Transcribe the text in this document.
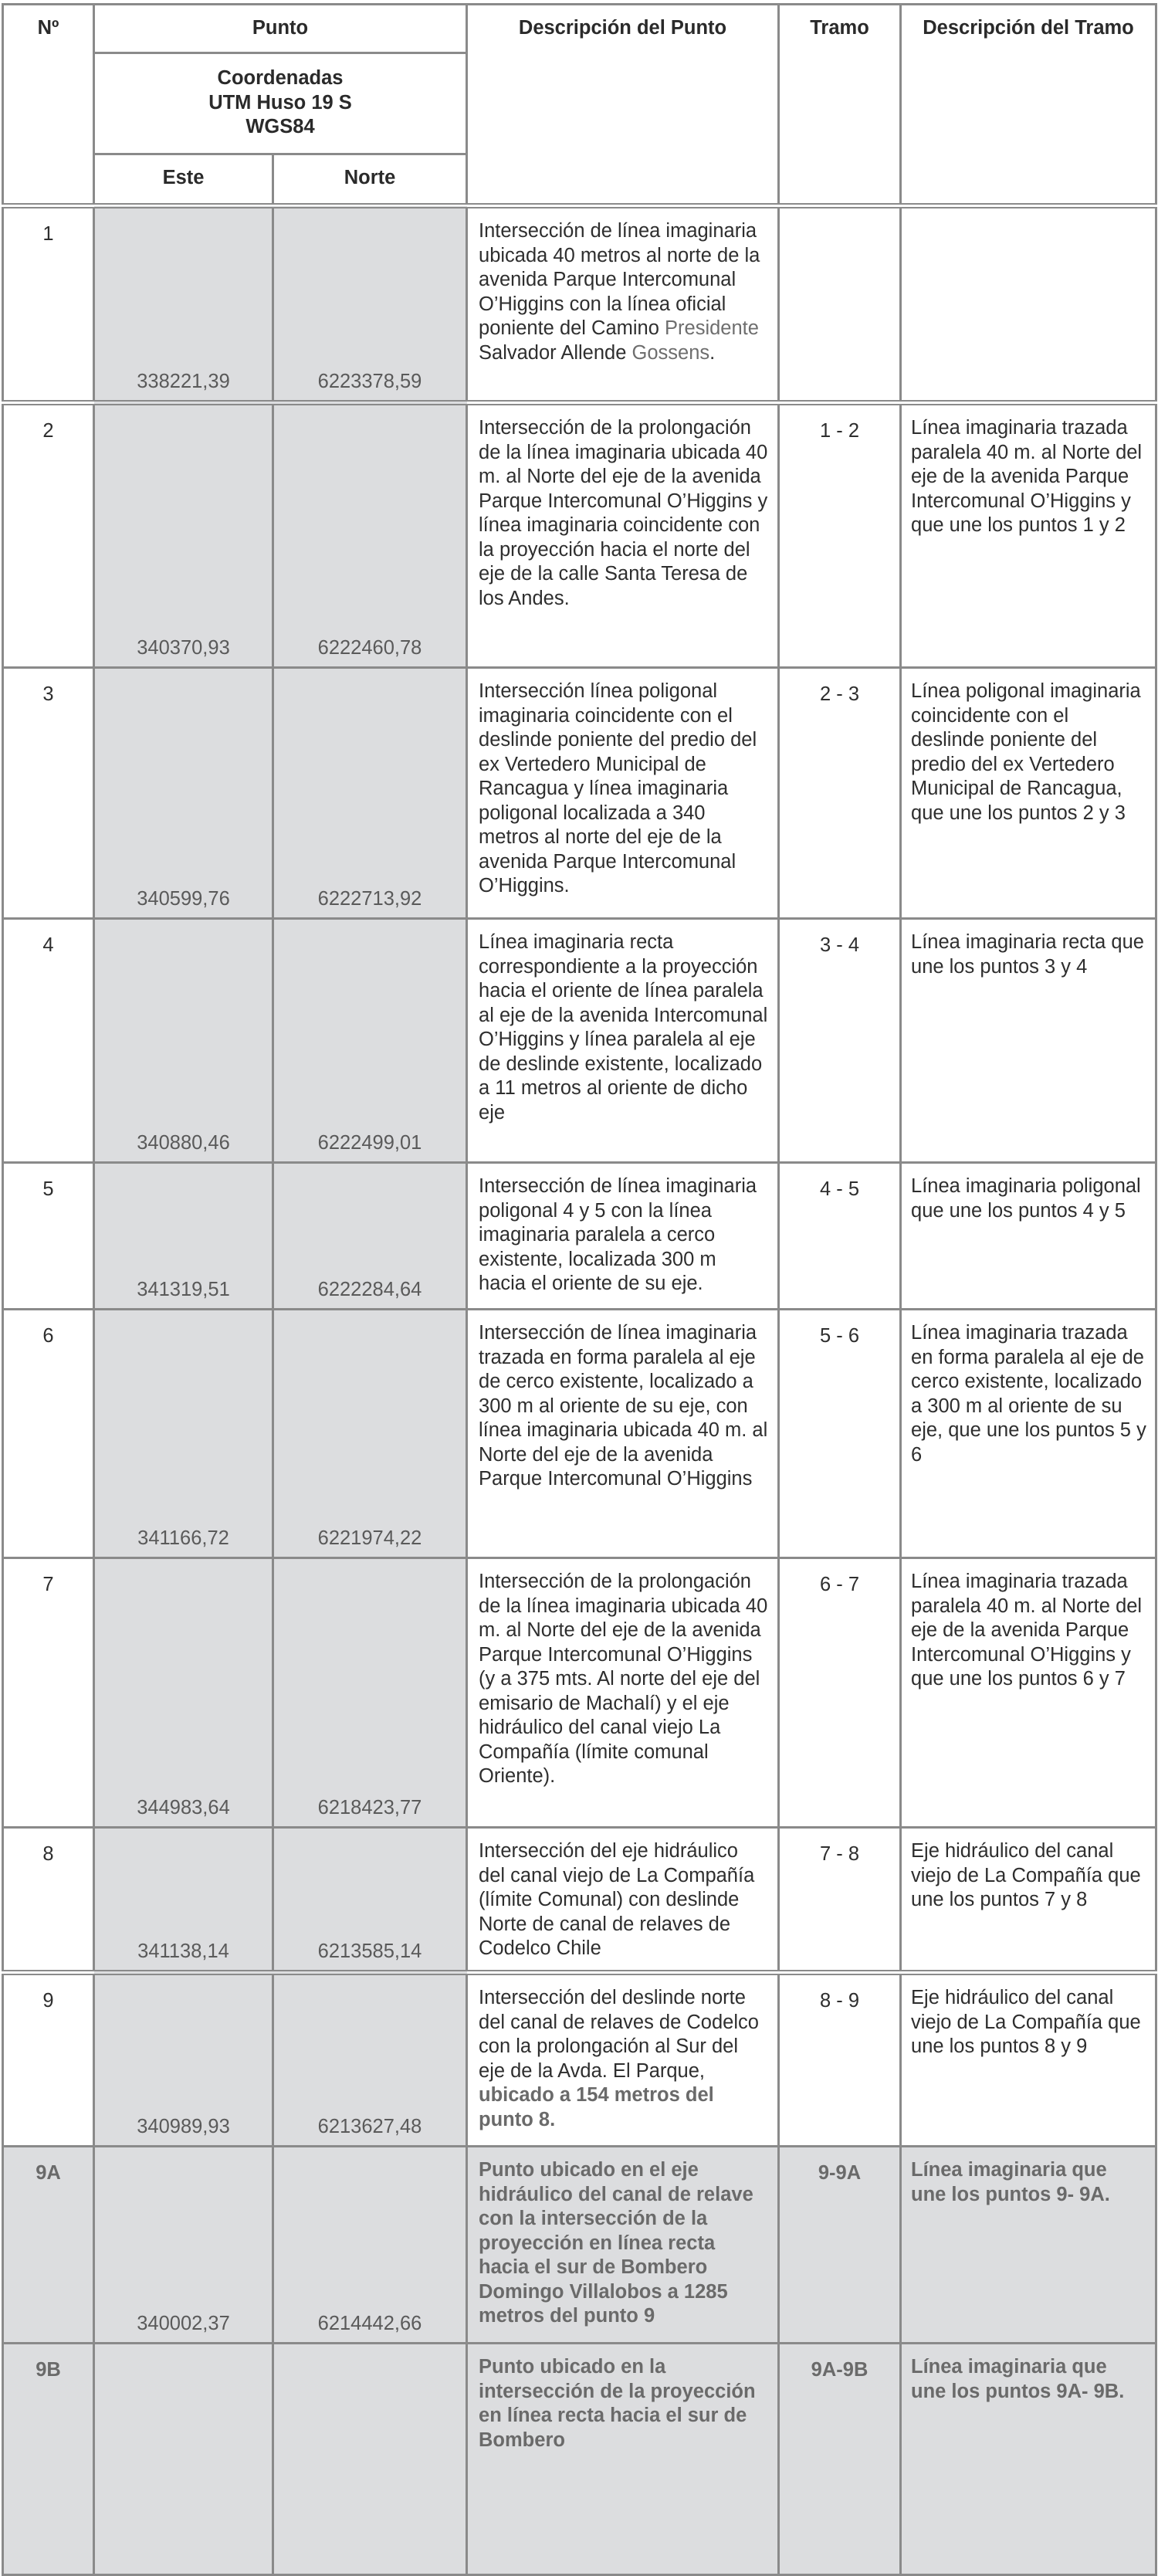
Nº	Punto		Descripción del Punto	Tramo	Descripción del Tramo

	Coordenadas
UTM Huso 19 S
WGS84				

	Este	Norte			
1	338221,39	6223378,59	Intersección de línea imaginaria ubicada 40 metros al norte de la avenida Parque Intercomunal O’Higgins con la línea oficial poniente del Camino Presidente Salvador Allende Gossens.		
2	340370,93	6222460,78	Intersección de la prolongación de la línea imaginaria ubicada 40 m. al Norte del eje de la avenida Parque Intercomunal O’Higgins y línea imaginaria coincidente con la proyección hacia el norte del eje de la calle Santa Teresa de los Andes.	1 - 2	Línea imaginaria trazada paralela 40 m. al Norte del eje de la avenida Parque Intercomunal O’Higgins y que une los puntos 1 y 2
3	340599,76	6222713,92	Intersección línea poligonal imaginaria coincidente con el deslinde poniente del predio del ex Vertedero Municipal de Rancagua y línea imaginaria poligonal localizada a 340 metros al norte del eje de la avenida Parque Intercomunal O’Higgins.	2 - 3	Línea poligonal imaginaria coincidente con el deslinde poniente del predio del ex Vertedero Municipal de Rancagua, que une los puntos 2 y 3
4	340880,46	6222499,01	Línea imaginaria recta correspondiente a la proyección hacia el oriente de línea paralela al eje de la avenida Intercomunal O’Higgins y línea paralela al eje de deslinde existente, localizado a 11 metros al oriente de dicho eje	3 - 4	Línea imaginaria recta que une los puntos 3 y 4
5	341319,51	6222284,64	Intersección de línea imaginaria poligonal 4 y 5 con la línea imaginaria paralela a cerco existente, localizada 300 m hacia el oriente de su eje.	4 - 5	Línea imaginaria poligonal que une los puntos 4 y 5
6	341166,72	6221974,22	Intersección de línea imaginaria trazada en forma paralela al eje de cerco existente, localizado a 300 m al oriente de su eje, con línea imaginaria ubicada 40 m. al Norte del eje de la avenida Parque Intercomunal O’Higgins	5 - 6	Línea imaginaria trazada en forma paralela al eje de cerco existente, localizado a 300 m al oriente de su eje, que une los puntos 5 y 6
7	344983,64	6218423,77	Intersección de la prolongación de la línea imaginaria ubicada 40 m. al Norte del eje de la avenida Parque Intercomunal O’Higgins (y a 375 mts. Al norte del eje del emisario de Machalí) y el eje hidráulico del canal viejo La Compañía (límite comunal Oriente).	6 - 7	Línea imaginaria trazada paralela 40 m. al Norte del eje de la avenida Parque Intercomunal O’Higgins y que une los puntos 6 y 7
8	341138,14	6213585,14	Intersección del eje hidráulico del canal viejo de La Compañía (límite Comunal) con deslinde Norte de canal de relaves de Codelco Chile	7 - 8	Eje hidráulico del canal viejo de La Compañía que une los puntos 7 y 8
9	340989,93	6213627,48	Intersección del deslinde norte del canal de relaves de Codelco con la prolongación al Sur del eje de la Avda. El Parque, ubicado a 154 metros del punto 8.	8 - 9	Eje hidráulico del canal viejo de La Compañía que une los puntos 8 y 9
9A	340002,37	6214442,66	Punto ubicado en el eje hidráulico del canal de relave con la intersección de la proyección en línea recta hacia el sur de Bombero Domingo Villalobos a 1285 metros del punto 9	9-9A	Línea imaginaria que une los puntos 9- 9A.
9B			Punto ubicado en la intersección de la proyección en línea recta hacia el sur de Bombero	9A-9B	Línea imaginaria que une los puntos 9A- 9B.
